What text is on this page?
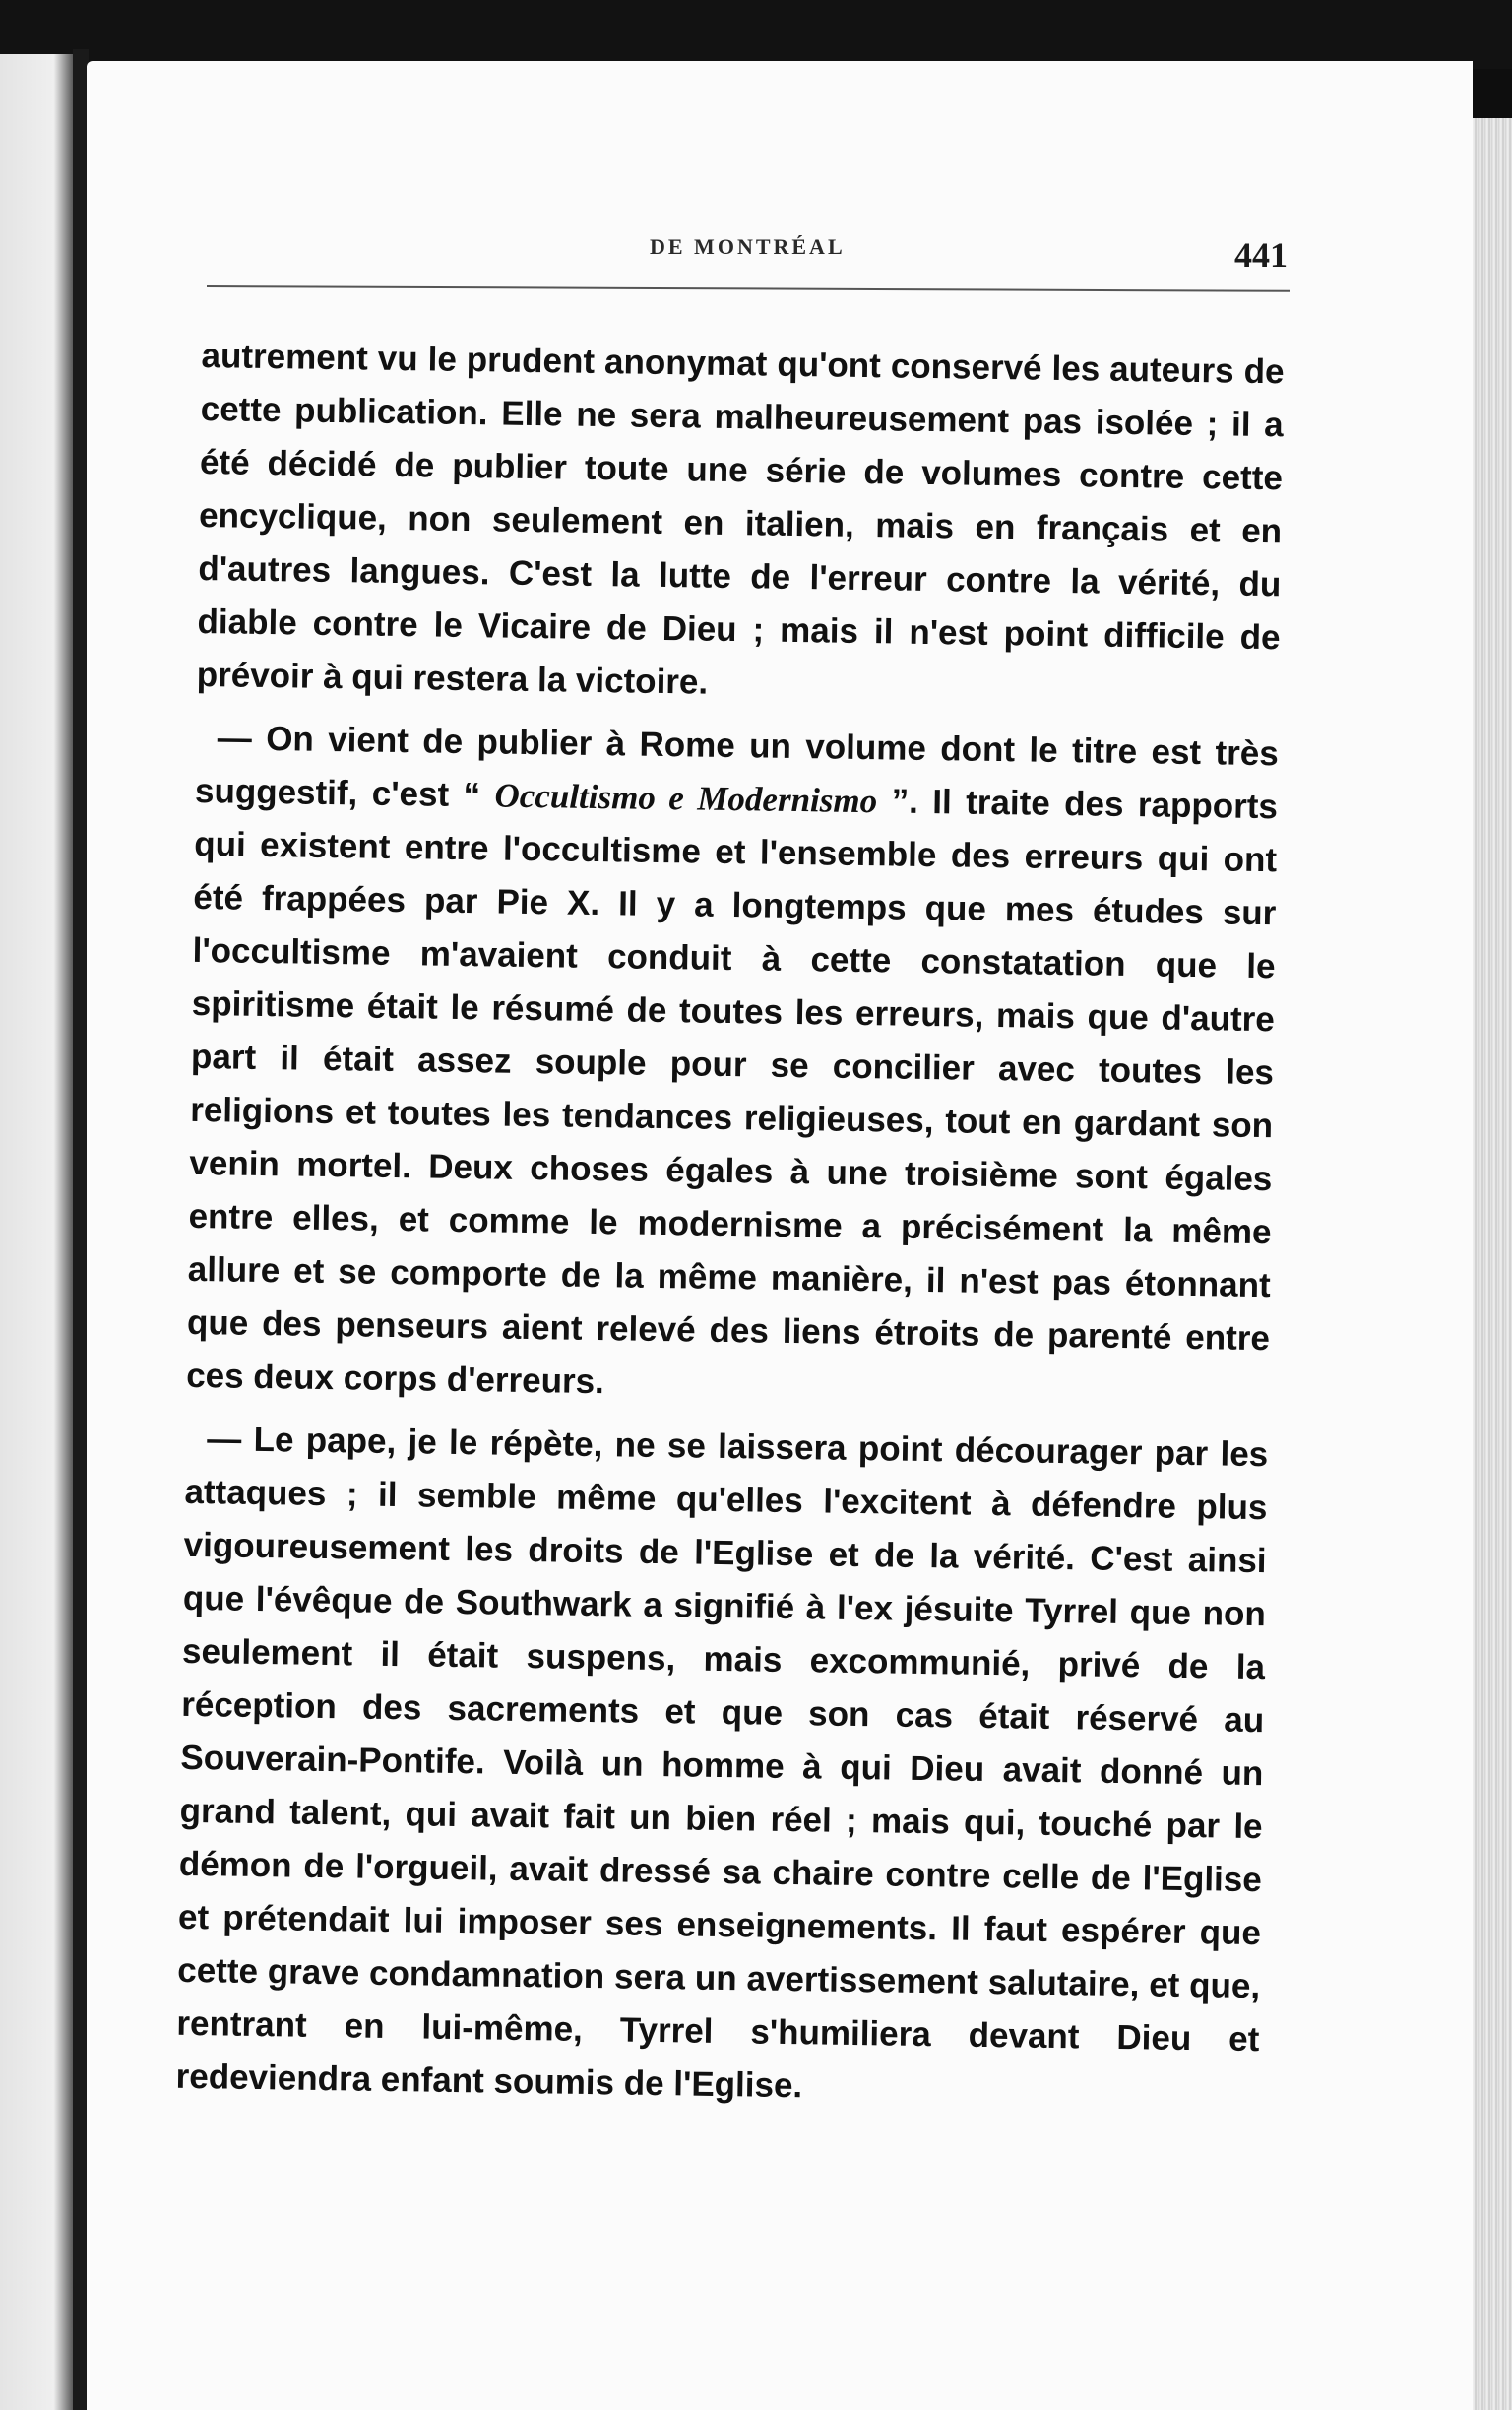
DE MONTRÉAL	441

autrement vu le prudent anonymat qu'ont conservé les auteurs de cette publication. Elle ne sera malheureusement pas isolée ; il a été décidé de publier toute une série de volumes contre cette encyclique, non seulement en italien, mais en français et en d'autres langues. C'est la lutte de l'erreur contre la vérité, du diable contre le Vicaire de Dieu ; mais il n'est point difficile de prévoir à qui restera la victoire.

— On vient de publier à Rome un volume dont le titre est très suggestif, c'est “ Occultismo e Modernismo ”. Il traite des rapports qui existent entre l'occultisme et l'ensemble des erreurs qui ont été frappées par Pie X. Il y a longtemps que mes études sur l'occultisme m'avaient conduit à cette constatation que le spiritisme était le résumé de toutes les erreurs, mais que d'autre part il était assez souple pour se concilier avec toutes les religions et toutes les tendances religieuses, tout en gardant son venin mortel. Deux choses égales à une troisième sont égales entre elles, et comme le modernisme a précisément la même allure et se comporte de la même manière, il n'est pas étonnant que des penseurs aient relevé des liens étroits de parenté entre ces deux corps d'erreurs.

— Le pape, je le répète, ne se laissera point décourager par les attaques ; il semble même qu'elles l'excitent à défendre plus vigoureusement les droits de l'Eglise et de la vérité. C'est ainsi que l'évêque de Southwark a signifié à l'ex jésuite Tyrrel que non seulement il était suspens, mais excommunié, privé de la réception des sacrements et que son cas était réservé au Souverain-Pontife. Voilà un homme à qui Dieu avait donné un grand talent, qui avait fait un bien réel ; mais qui, touché par le démon de l'orgueil, avait dressé sa chaire contre celle de l'Eglise et prétendait lui imposer ses enseignements. Il faut espérer que cette grave condamnation sera un avertissement salutaire, et que, rentrant en lui-même, Tyrrel s'humiliera devant Dieu et redeviendra enfant soumis de l'Eglise.
